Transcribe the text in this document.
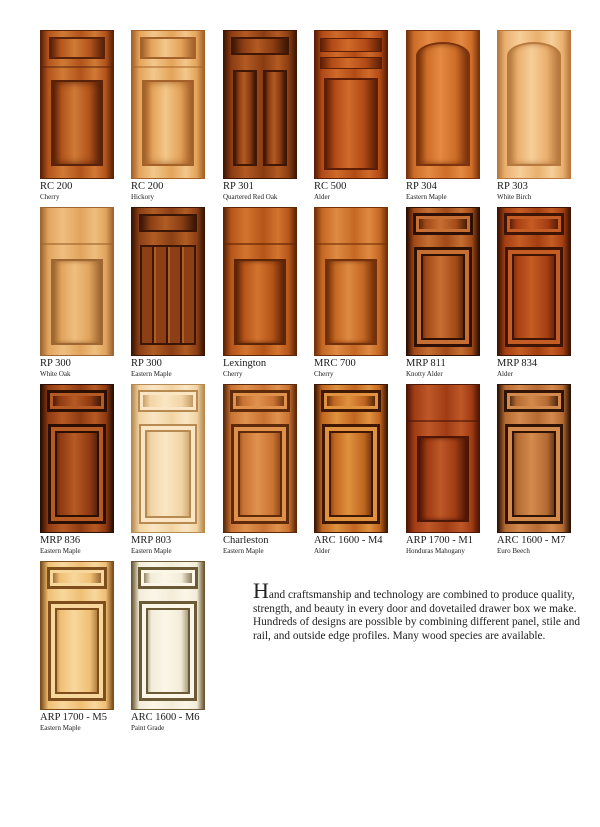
RC 200
Cherry
RC 200
Hickory
RP 301
Quartered Red Oak
RC 500
Alder
RP 304
Eastern Maple
RP 303
White Birch
RP 300
White Oak
RP 300
Eastern Maple
Lexington
Cherry
MRC 700
Cherry
MRP 811
Knotty Alder
MRP 834
Alder
MRP 836
Eastern Maple
MRP 803
Eastern Maple
Charleston
Eastern Maple
ARC 1600 - M4
Alder
ARP 1700 - M1
Honduras Mahogany
ARC 1600 - M7
Euro Beech
ARP 1700 - M5
Eastern Maple
ARC 1600 - M6
Paint Grade

Hand craftsmanship and technology are combined to produce quality, strength, and beauty in every door and dovetailed drawer box we make. Hundreds of designs are possible by combining different panel, stile and rail, and outside edge profiles. Many wood species are available.
